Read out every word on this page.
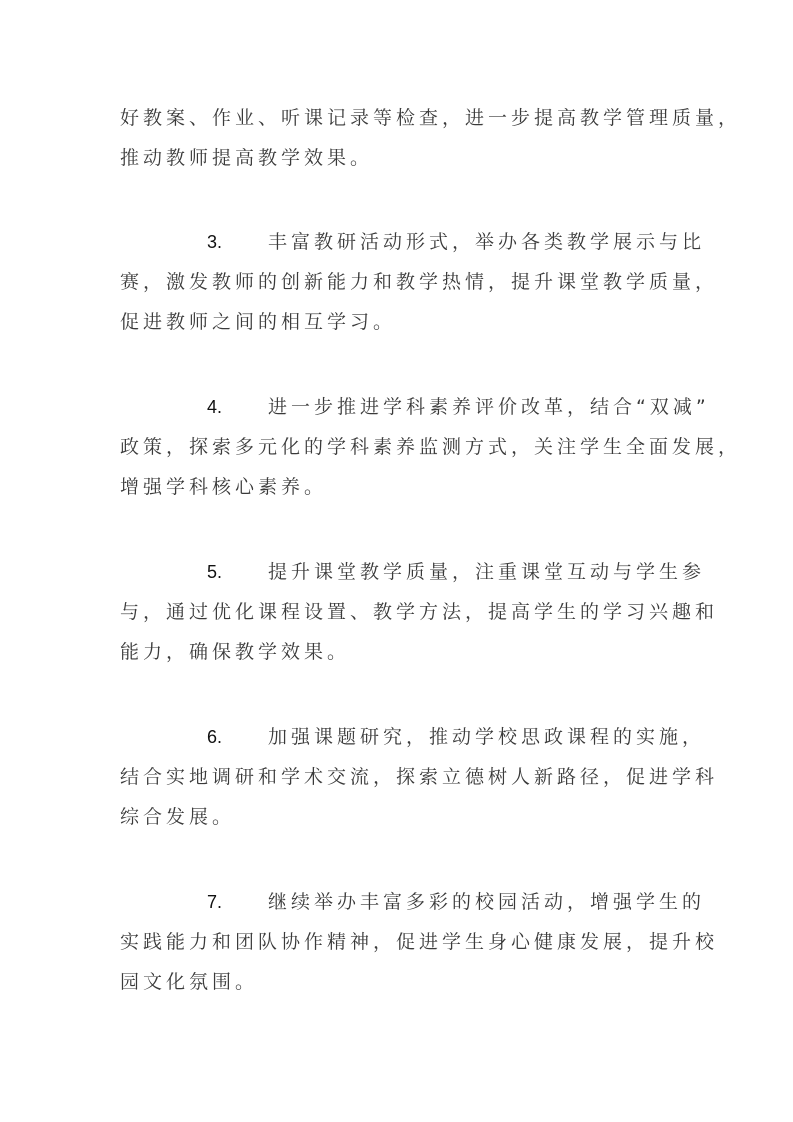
好教案、作业、听课记录等检查，进一步提高教学管理质量，
推动教师提高教学效果。
3. 丰富教研活动形式，举办各类教学展示与比
赛，激发教师的创新能力和教学热情，提升课堂教学质量，
促进教师之间的相互学习。
4. 进一步推进学科素养评价改革，结合“双减”
政策，探索多元化的学科素养监测方式，关注学生全面发展，
增强学科核心素养。
5. 提升课堂教学质量，注重课堂互动与学生参
与，通过优化课程设置、教学方法，提高学生的学习兴趣和
能力，确保教学效果。
6. 加强课题研究，推动学校思政课程的实施，
结合实地调研和学术交流，探索立德树人新路径，促进学科
综合发展。
7. 继续举办丰富多彩的校园活动，增强学生的
实践能力和团队协作精神，促进学生身心健康发展，提升校
园文化氛围。
